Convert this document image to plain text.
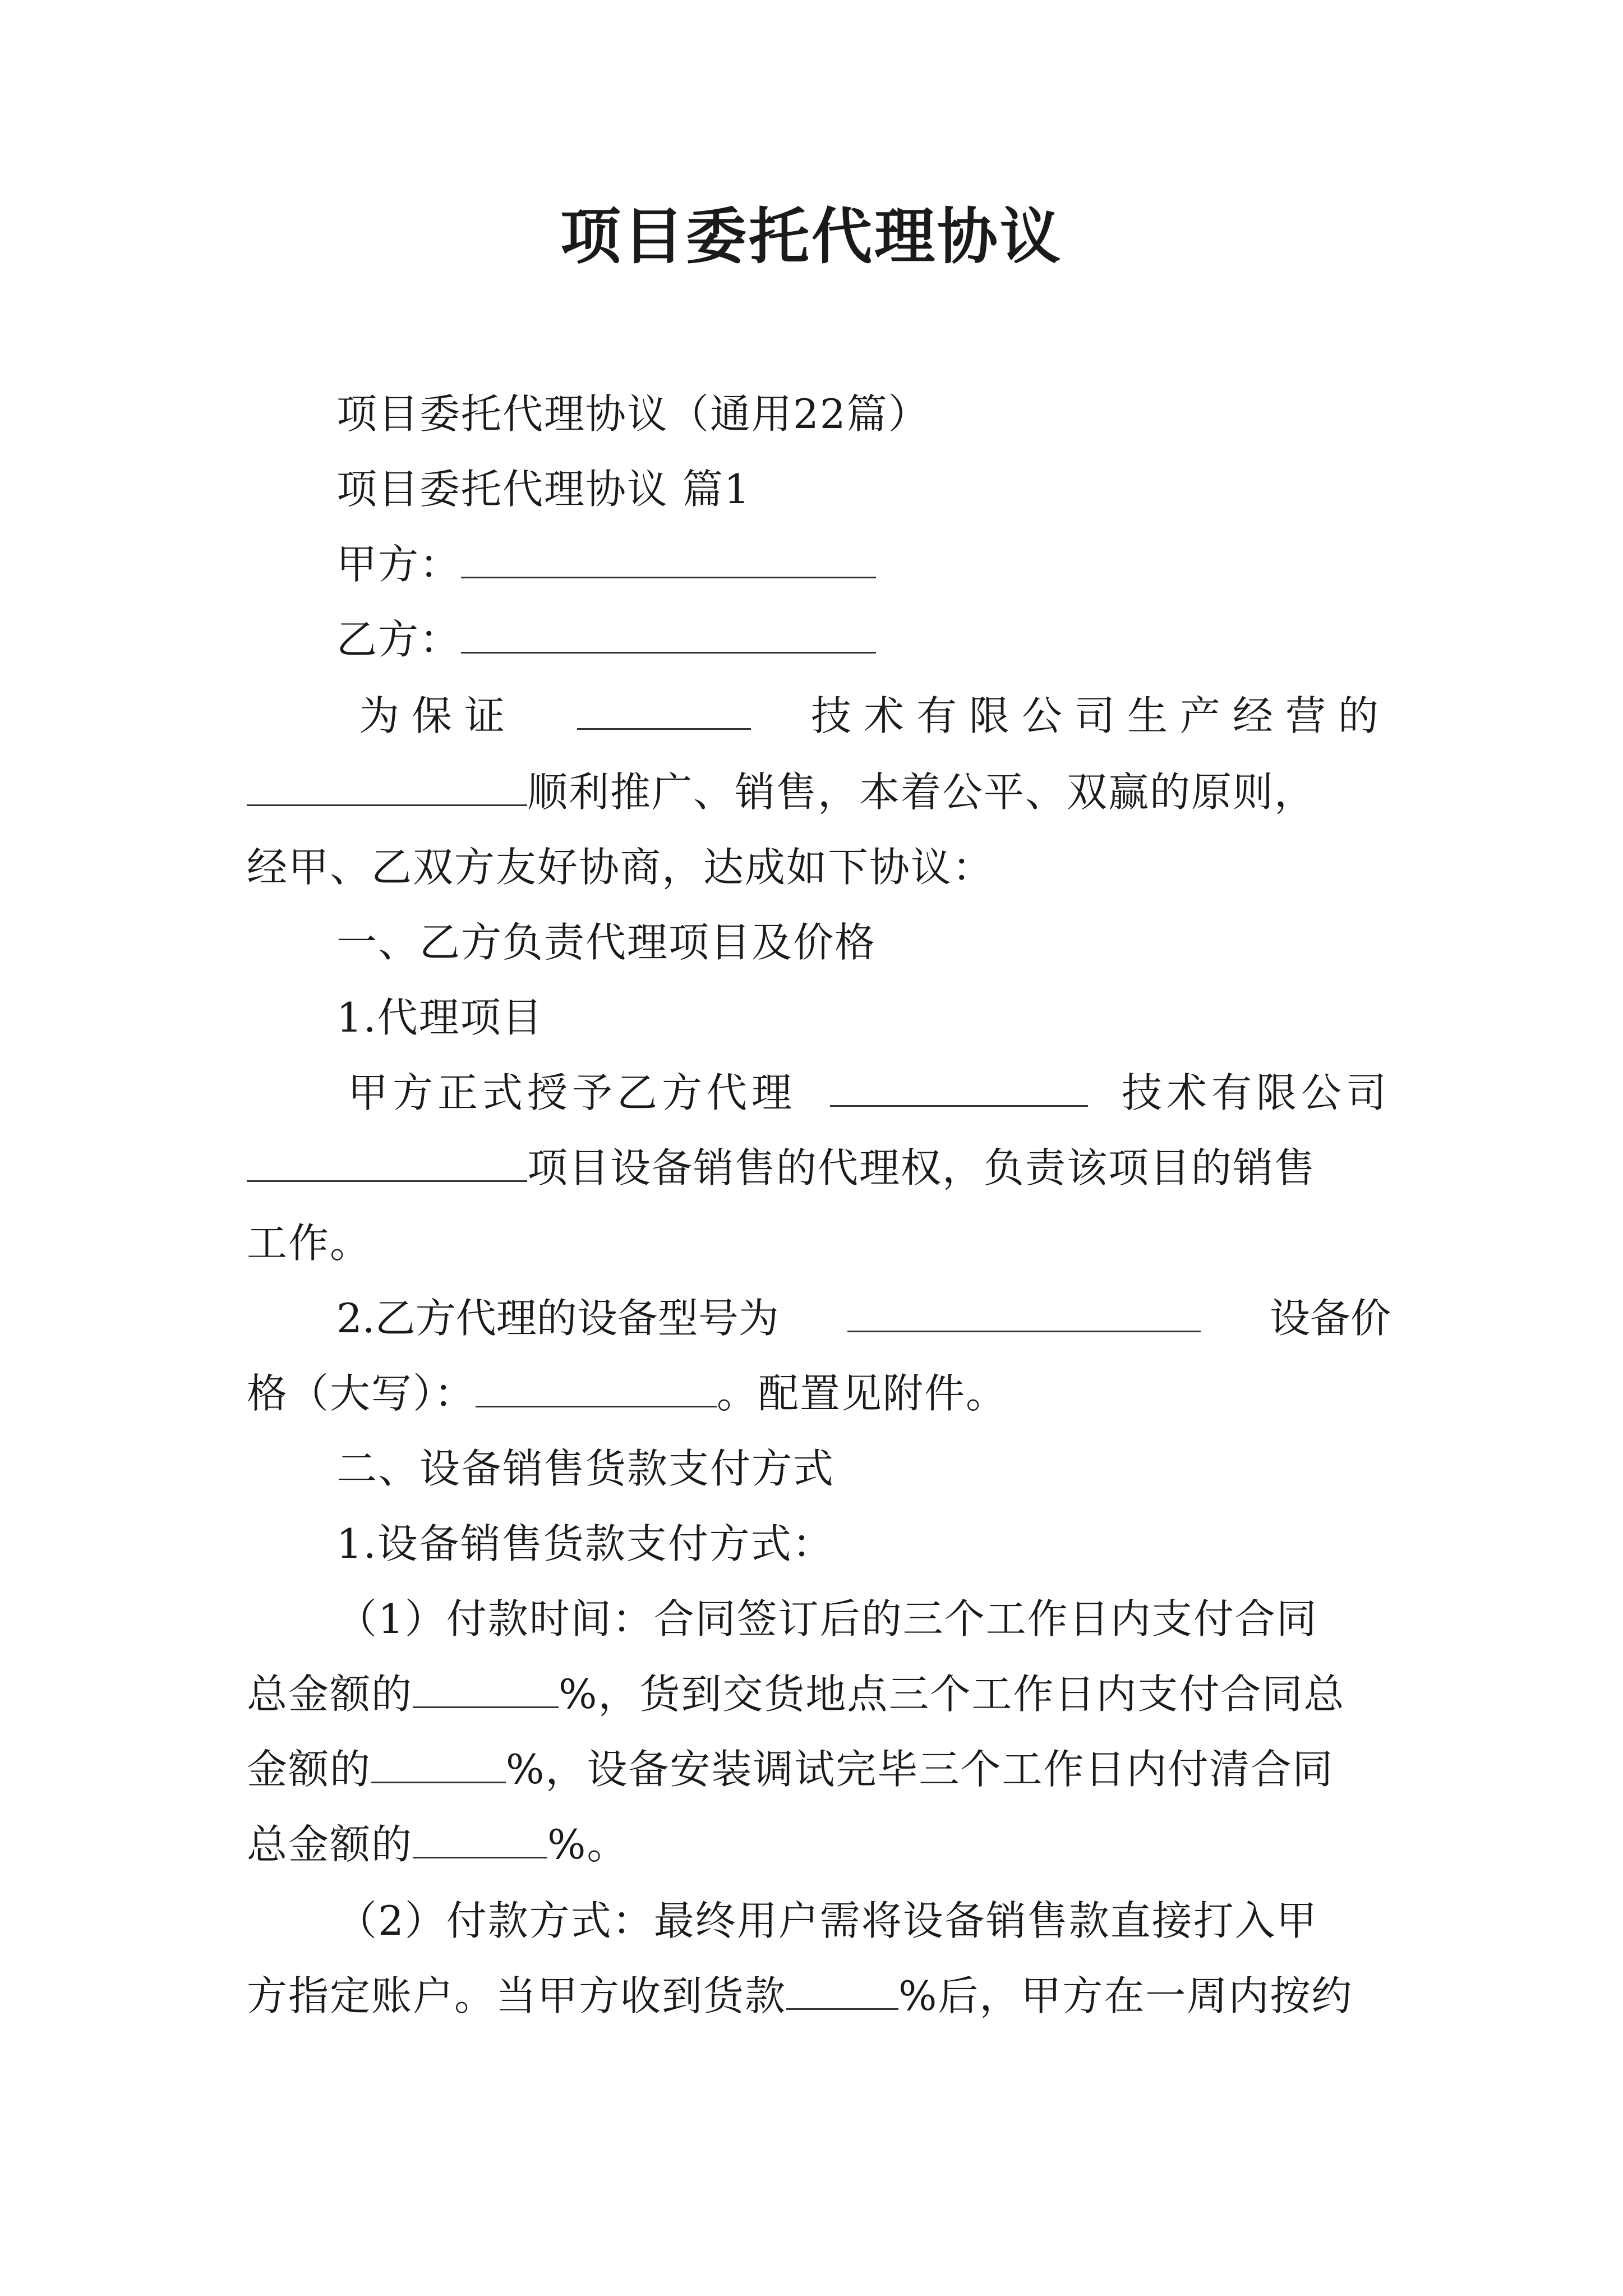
项目委托代理协议
项目委托代理协议（通用22篇）
项目委托代理协议 篇1
甲方：
乙方：
为保证	技术有限公司生产经营的
顺利推广、销售，本着公平、双赢的原则，
经甲、乙双方友好协商，达成如下协议：
一、乙方负责代理项目及价格
1.代理项目
甲方正式授予乙方代理	技术有限公司
项目设备销售的代理权，负责该项目的销售
工作。
2.乙方代理的设备型号为	设备价
格（大写）：	。配置见附件。
二、设备销售货款支付方式
1.设备销售货款支付方式：
（1）付款时间：合同签订后的三个工作日内支付合同
总金额的	%，货到交货地点三个工作日内支付合同总
金额的	%，设备安装调试完毕三个工作日内付清合同
总金额的	%。
（2）付款方式：最终用户需将设备销售款直接打入甲
方指定账户。当甲方收到货款	%后，甲方在一周内按约
